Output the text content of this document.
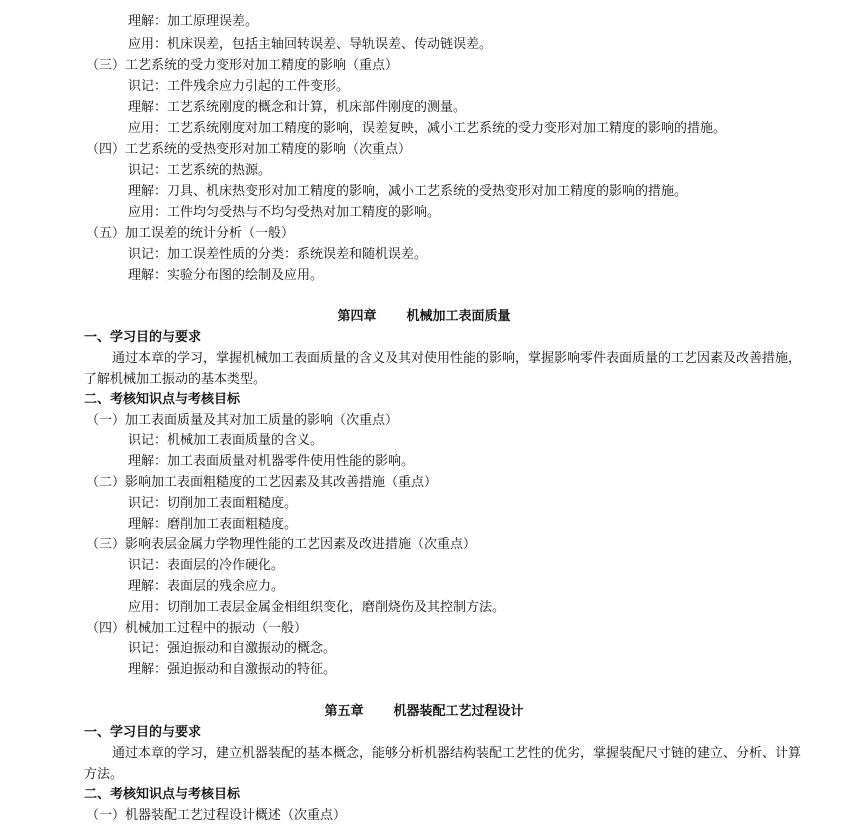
理解：加工原理误差。
应用：机床误差，包括主轴回转误差、导轨误差、传动链误差。
（三）工艺系统的受力变形对加工精度的影响（重点）
识记：工件残余应力引起的工件变形。
理解：工艺系统刚度的概念和计算，机床部件刚度的测量。
应用：工艺系统刚度对加工精度的影响，误差复映，减小工艺系统的受力变形对加工精度的影响的措施。
（四）工艺系统的受热变形对加工精度的影响（次重点）
识记：工艺系统的热源。
理解：刀具、机床热变形对加工精度的影响，减小工艺系统的受热变形对加工精度的影响的措施。
应用：工件均匀受热与不均匀受热对加工精度的影响。
（五）加工误差的统计分析（一般）
识记：加工误差性质的分类：系统误差和随机误差。
理解：实验分布图的绘制及应用。
第四章 机械加工表面质量
一、学习目的与要求
通过本章的学习，掌握机械加工表面质量的含义及其对使用性能的影响，掌握影响零件表面质量的工艺因素及改善措施，了解机械加工振动的基本类型。
二、考核知识点与考核目标
（一）加工表面质量及其对加工质量的影响（次重点）
识记：机械加工表面质量的含义。
理解：加工表面质量对机器零件使用性能的影响。
（二）影响加工表面粗糙度的工艺因素及其改善措施（重点）
识记：切削加工表面粗糙度。
理解：磨削加工表面粗糙度。
（三）影响表层金属力学物理性能的工艺因素及改进措施（次重点）
识记：表面层的冷作硬化。
理解：表面层的残余应力。
应用：切削加工表层金属金相组织变化，磨削烧伤及其控制方法。
（四）机械加工过程中的振动（一般）
识记：强迫振动和自激振动的概念。
理解：强迫振动和自激振动的特征。
第五章 机器装配工艺过程设计
一、学习目的与要求
通过本章的学习，建立机器装配的基本概念，能够分析机器结构装配工艺性的优劣，掌握装配尺寸链的建立、分析、计算方法。
二、考核知识点与考核目标
（一）机器装配工艺过程设计概述（次重点）
